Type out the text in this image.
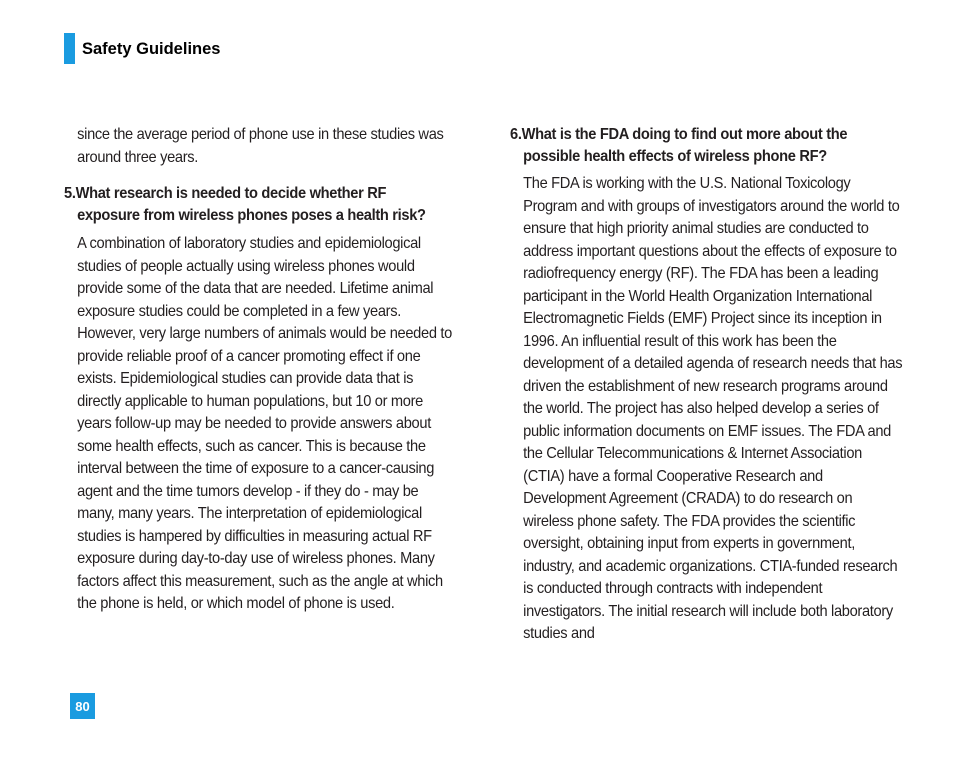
Safety Guidelines

since the average period of phone use in these studies was around three years.

5.What research is needed to decide whether RF
exposure from wireless phones poses a health risk?

A combination of laboratory studies and epidemiological studies of people actually using wireless phones would provide some of the data that are needed. Lifetime animal exposure studies could be completed in a few years. However, very large numbers of animals would be needed to provide reliable proof of a cancer promoting effect if one exists. Epidemiological studies can provide data that is directly applicable to human populations, but 10 or more years follow-up may be needed to provide answers about some health effects, such as cancer. This is because the interval between the time of exposure to a cancer-causing agent and the time tumors develop - if they do - may be many, many years. The interpretation of epidemiological studies is hampered by difficulties in measuring actual RF exposure during day-to-day use of wireless phones. Many factors affect this measurement, such as the angle at which the phone is held, or which model of phone is used.

6.What is the FDA doing to find out more about the
possible health effects of wireless phone RF?

The FDA is working with the U.S. National Toxicology Program and with groups of investigators around the world to ensure that high priority animal studies are conducted to address important questions about the effects of exposure to radiofrequency energy (RF). The FDA has been a leading participant in the World Health Organization International Electromagnetic Fields (EMF) Project since its inception in 1996. An influential result of this work has been the development of a detailed agenda of research needs that has driven the establishment of new research programs around the world. The project has also helped develop a series of public information documents on EMF issues. The FDA and the Cellular Telecommunications & Internet Association (CTIA) have a formal Cooperative Research and Development Agreement (CRADA) to do research on wireless phone safety. The FDA provides the scientific oversight, obtaining input from experts in government, industry, and academic organizations. CTIA-funded research is conducted through contracts with independent investigators. The initial research will include both laboratory studies and

80
